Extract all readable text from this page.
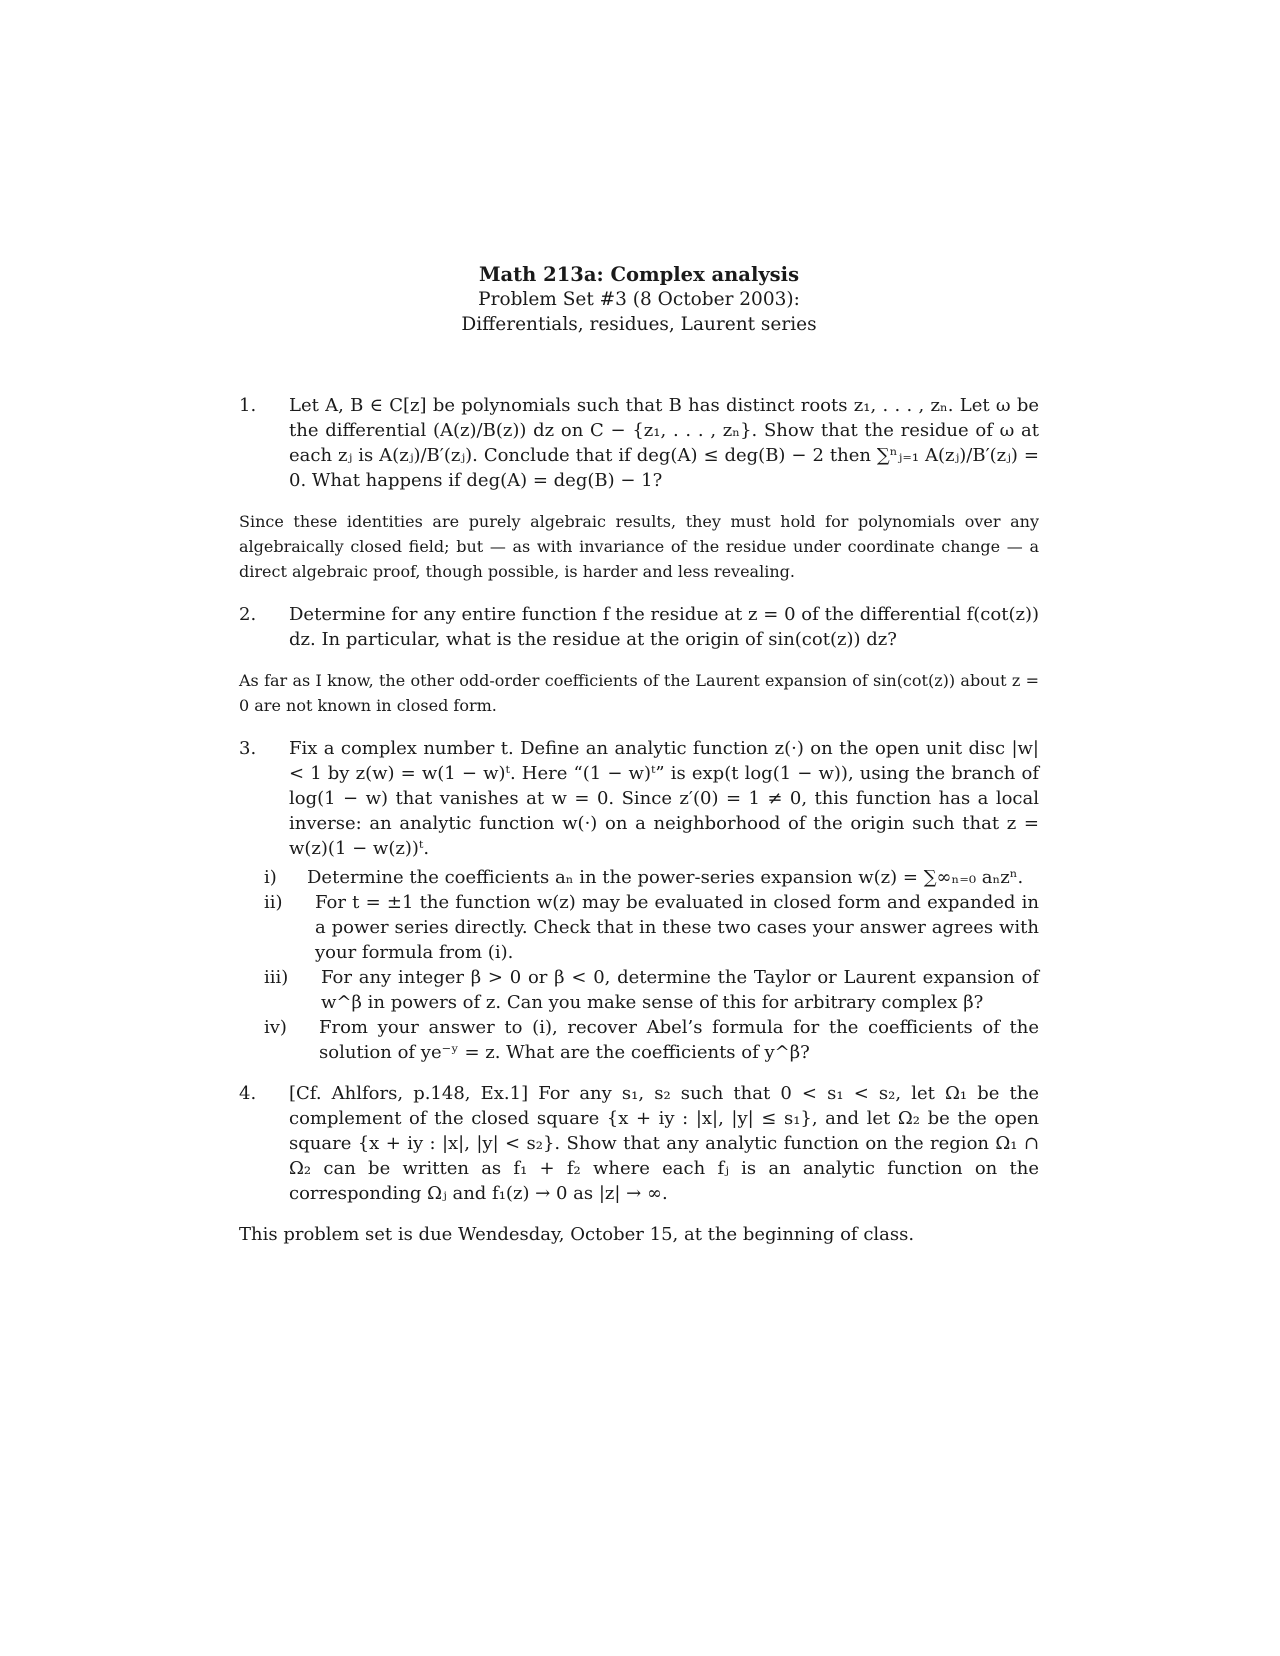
Math 213a: Complex analysis
Problem Set #3 (8 October 2003):
Differentials, residues, Laurent series
1. Let A, B ∈ C[z] be polynomials such that B has distinct roots z₁, . . . , zₙ. Let ω be the differential (A(z)/B(z)) dz on C − {z₁, . . . , zₙ}. Show that the residue of ω at each zⱼ is A(zⱼ)/B′(zⱼ). Conclude that if deg(A) ≤ deg(B) − 2 then ∑ⁿⱼ₌₁ A(zⱼ)/B′(zⱼ) = 0. What happens if deg(A) = deg(B) − 1?

Since these identities are purely algebraic results, they must hold for polynomials over any algebraically closed field; but — as with invariance of the residue under coordinate change — a direct algebraic proof, though possible, is harder and less revealing.

2. Determine for any entire function f the residue at z = 0 of the differential f(cot(z)) dz. In particular, what is the residue at the origin of sin(cot(z)) dz?

As far as I know, the other odd-order coefficients of the Laurent expansion of sin(cot(z)) about z = 0 are not known in closed form.

3. Fix a complex number t. Define an analytic function z(·) on the open unit disc |w| < 1 by z(w) = w(1 − w)ᵗ. Here “(1 − w)ᵗ” is exp(t log(1 − w)), using the branch of log(1 − w) that vanishes at w = 0. Since z′(0) = 1 ≠ 0, this function has a local inverse: an analytic function w(·) on a neighborhood of the origin such that z = w(z)(1 − w(z))ᵗ.
i)	Determine the coefficients aₙ in the power-series expansion w(z) = ∑∞ₙ₌₀ aₙzⁿ.
ii)	For t = ±1 the function w(z) may be evaluated in closed form and expanded in a power series directly. Check that in these two cases your answer agrees with your formula from (i).
iii)	For any integer β > 0 or β < 0, determine the Taylor or Laurent expansion of w^β in powers of z. Can you make sense of this for arbitrary complex β?
iv)	From your answer to (i), recover Abel’s formula for the coefficients of the solution of ye⁻ʸ = z. What are the coefficients of y^β?
4. [Cf. Ahlfors, p.148, Ex.1] For any s₁, s₂ such that 0 < s₁ < s₂, let Ω₁ be the complement of the closed square {x + iy : |x|, |y| ≤ s₁}, and let Ω₂ be the open square {x + iy : |x|, |y| < s₂}. Show that any analytic function on the region Ω₁ ∩ Ω₂ can be written as f₁ + f₂ where each fⱼ is an analytic function on the corresponding Ωⱼ and f₁(z) → 0 as |z| → ∞.
This problem set is due Wendesday, October 15, at the beginning of class.
